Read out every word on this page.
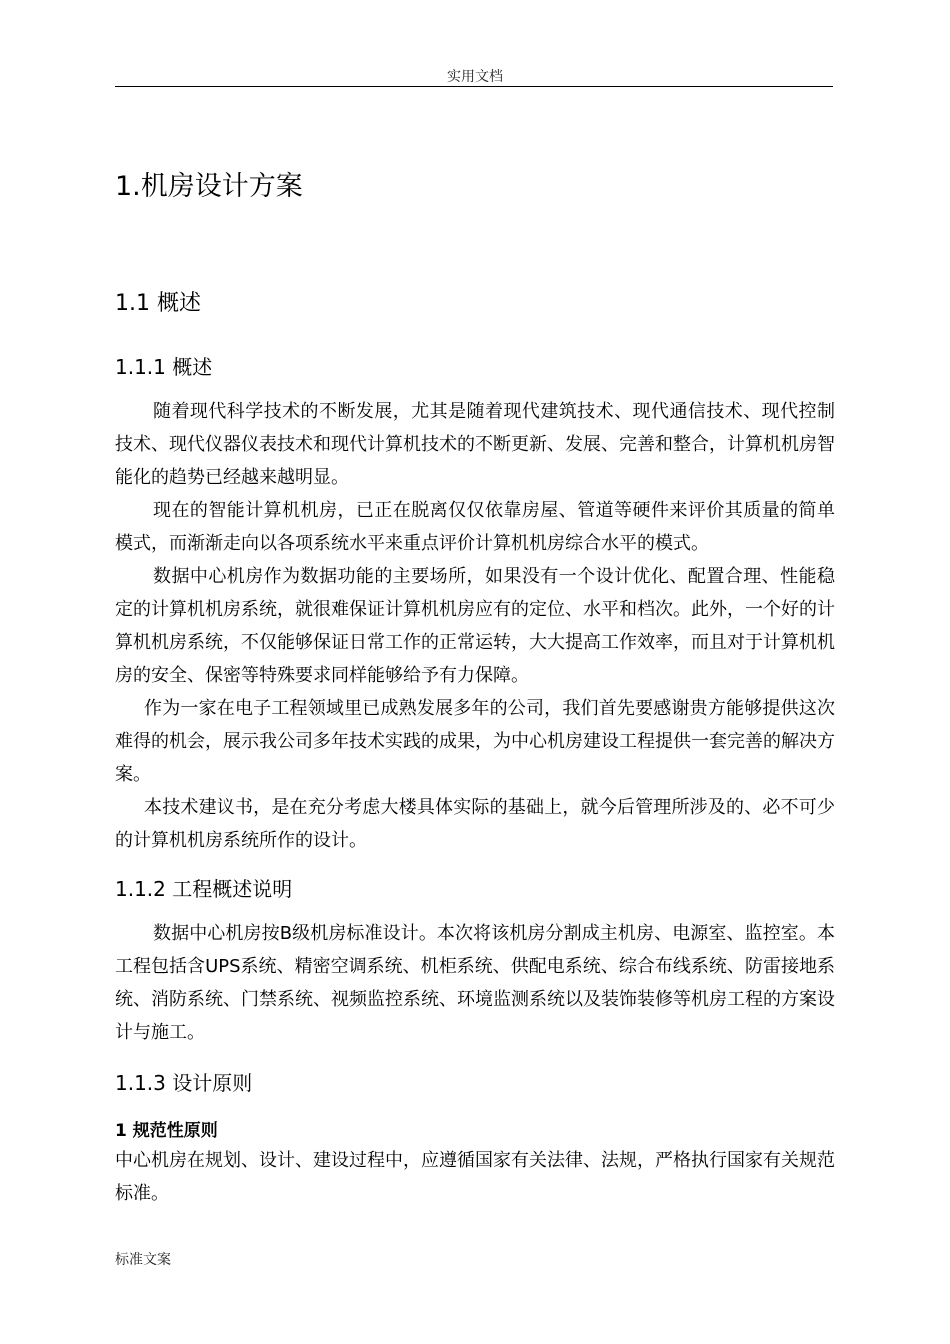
实用文档
1.机房设计方案
1.1 概述
1.1.1 概述

随着现代科学技术的不断发展，尤其是随着现代建筑技术、现代通信技术、现代控制技术、现代仪器仪表技术和现代计算机技术的不断更新、发展、完善和整合，计算机机房智能化的趋势已经越来越明显。

现在的智能计算机机房，已正在脱离仅仅依靠房屋、管道等硬件来评价其质量的简单模式，而渐渐走向以各项系统水平来重点评价计算机机房综合水平的模式。

数据中心机房作为数据功能的主要场所，如果没有一个设计优化、配置合理、性能稳定的计算机机房系统，就很难保证计算机机房应有的定位、水平和档次。此外，一个好的计算机机房系统，不仅能够保证日常工作的正常运转，大大提高工作效率，而且对于计算机机房的安全、保密等特殊要求同样能够给予有力保障。

作为一家在电子工程领域里已成熟发展多年的公司，我们首先要感谢贵方能够提供这次难得的机会，展示我公司多年技术实践的成果，为中心机房建设工程提供一套完善的解决方案。

本技术建议书，是在充分考虑大楼具体实际的基础上，就今后管理所涉及的、必不可少的计算机机房系统所作的设计。

1.1.2 工程概述说明

数据中心机房按B级机房标准设计。本次将该机房分割成主机房、电源室、监控室。本工程包括含UPS系统、精密空调系统、机柜系统、供配电系统、综合布线系统、防雷接地系统、消防系统、门禁系统、视频监控系统、环境监测系统以及装饰装修等机房工程的方案设计与施工。

1.1.3 设计原则

1 规范性原则

中心机房在规划、设计、建设过程中，应遵循国家有关法律、法规，严格执行国家有关规范标准。

标准文案
